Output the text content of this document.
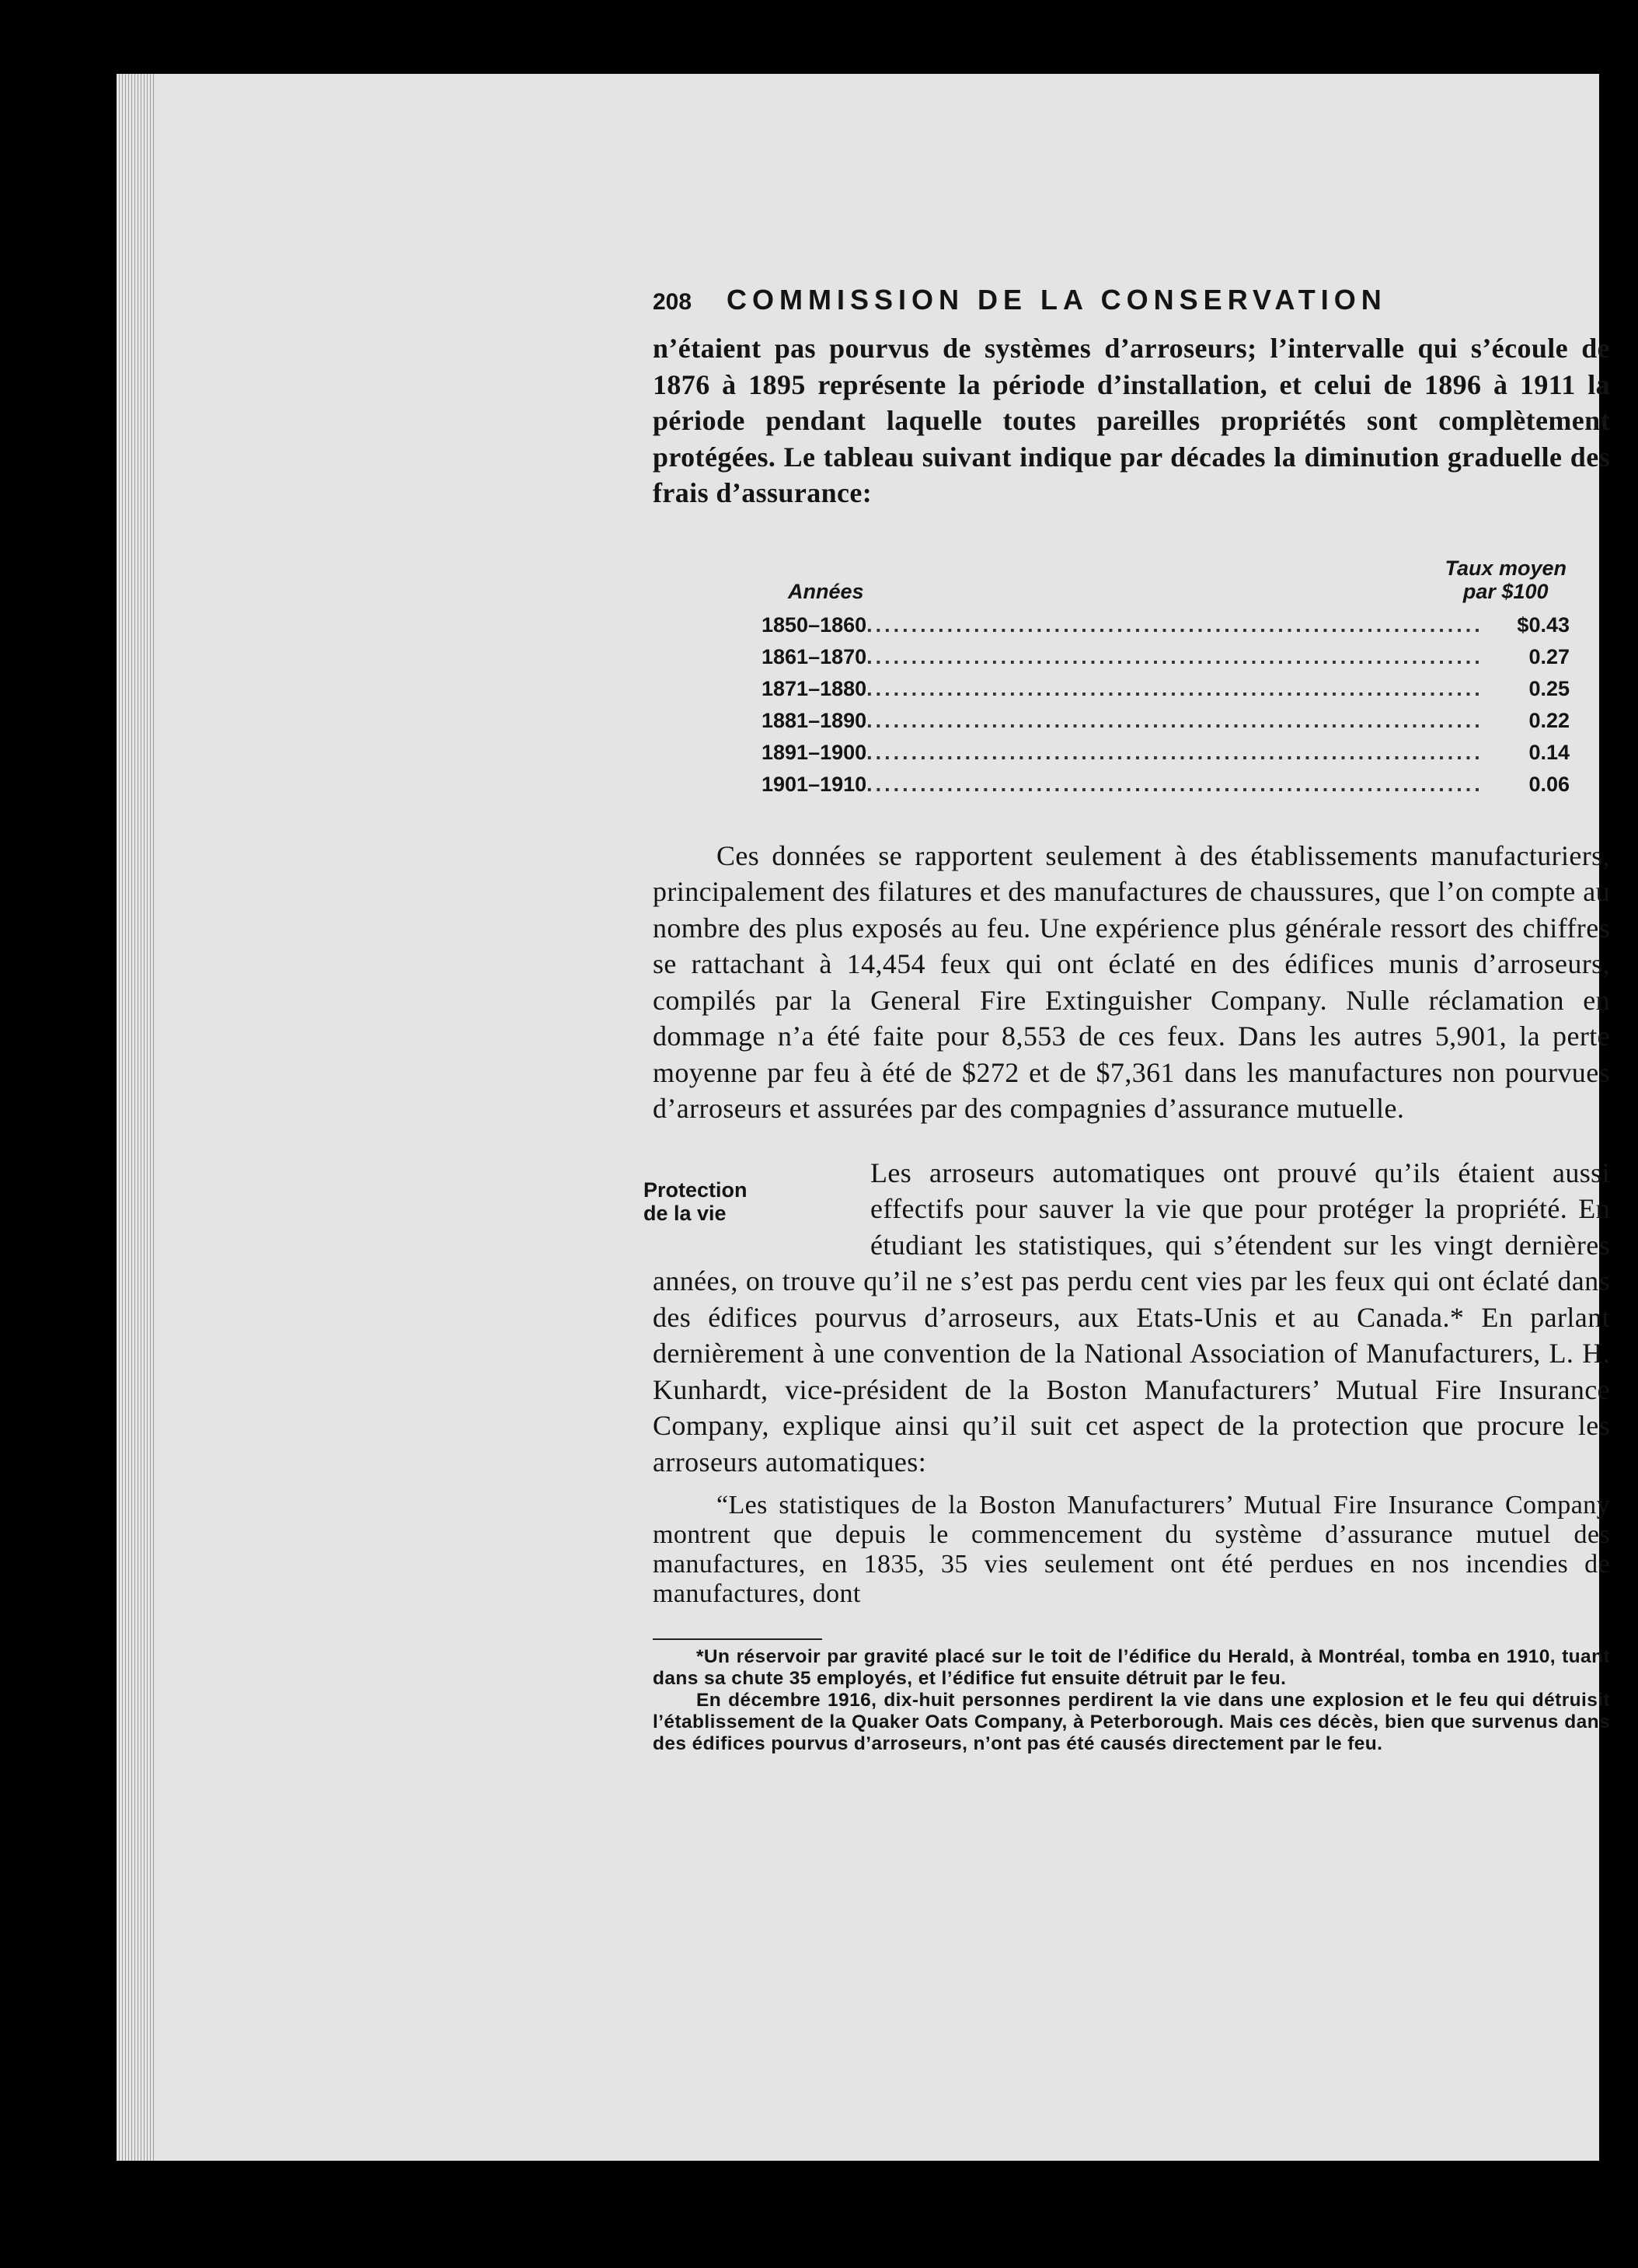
208	COMMISSION DE LA CONSERVATION

n’étaient pas pourvus de systèmes d’arroseurs; l’intervalle qui s’écoule de 1876 à 1895 représente la période d’installation, et celui de 1896 à 1911 la période pendant laquelle toutes pareilles propriétés sont complètement protégées. Le tableau suivant indique par décades la diminution graduelle des frais d’assurance:

Années
Taux moyen
par $100
1850–1860 .....	$0.43
1861–1870 .....	0.27
1871–1880 .....	0.25
1881–1890 .....	0.22
1891–1900 .....	0.14
1901–1910 .....	0.06

Ces données se rapportent seulement à des établissements manufacturiers, principalement des filatures et des manufactures de chaussures, que l’on compte au nombre des plus exposés au feu. Une expérience plus générale ressort des chiffres se rattachant à 14,454 feux qui ont éclaté en des édifices munis d’arroseurs, compilés par la General Fire Extinguisher Company. Nulle réclamation en dommage n’a été faite pour 8,553 de ces feux. Dans les autres 5,901, la perte moyenne par feu à été de $272 et de $7,361 dans les manufactures non pourvues d’arroseurs et assurées par des compagnies d’assurance mutuelle.

Protection
de la vie

Les arroseurs automatiques ont prouvé qu’ils étaient aussi effectifs pour sauver la vie que pour protéger la propriété. En étudiant les statistiques, qui s’étendent sur les vingt dernières années, on trouve qu’il ne s’est pas perdu cent vies par les feux qui ont éclaté dans des édifices pourvus d’arroseurs, aux Etats-Unis et au Canada.* En parlant dernièrement à une convention de la National Association of Manufacturers, L. H. Kunhardt, vice-président de la Boston Manufacturers’ Mutual Fire Insurance Company, explique ainsi qu’il suit cet aspect de la protection que procure les arroseurs automatiques:

“Les statistiques de la Boston Manufacturers’ Mutual Fire Insurance Company montrent que depuis le commencement du système d’assurance mutuel des manufactures, en 1835, 35 vies seulement ont été perdues en nos incendies de manufactures, dont

*Un réservoir par gravité placé sur le toit de l’édifice du Herald, à Montréal, tomba en 1910, tuant dans sa chute 35 employés, et l’édifice fut ensuite détruit par le feu.

En décembre 1916, dix-huit personnes perdirent la vie dans une explosion et le feu qui détruisit l’établissement de la Quaker Oats Company, à Peterborough. Mais ces décès, bien que survenus dans des édifices pourvus d’arroseurs, n’ont pas été causés directement par le feu.
